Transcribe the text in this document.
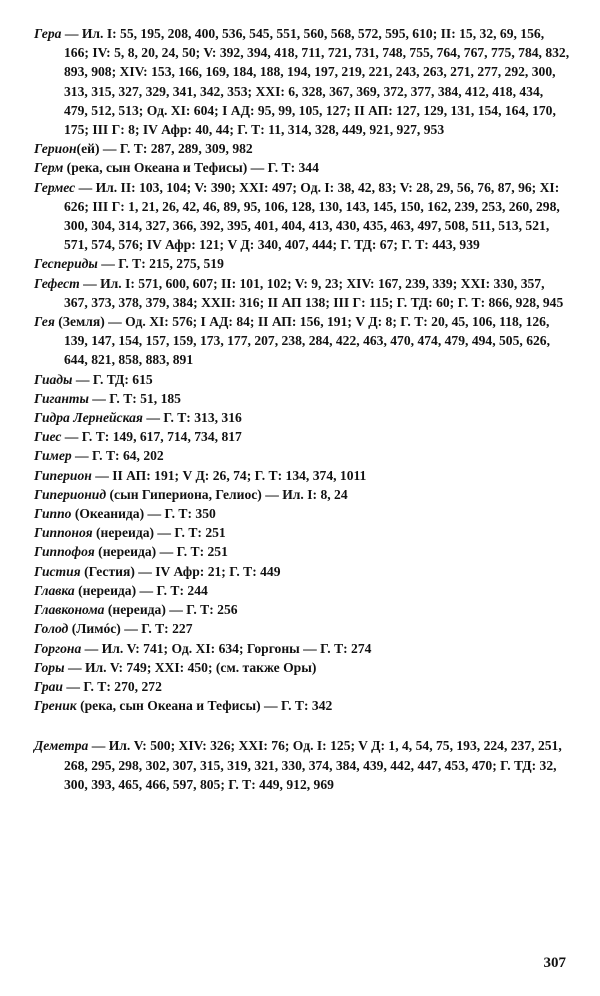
Гера — Ил. I: 55, 195, 208, 400, 536, 545, 551, 560, 568, 572, 595, 610; II: 15, 32, 69, 156, 166; IV: 5, 8, 20, 24, 50; V: 392, 394, 418, 711, 721, 731, 748, 755, 764, 767, 775, 784, 832, 893, 908; XIV: 153, 166, 169, 184, 188, 194, 197, 219, 221, 243, 263, 271, 277, 292, 300, 313, 315, 327, 329, 341, 342, 353; XXI: 6, 328, 367, 369, 372, 377, 384, 412, 418, 434, 479, 512, 513; Од. XI: 604; I АД: 95, 99, 105, 127; II АП: 127, 129, 131, 154, 164, 170, 175; III Г: 8; IV Афр: 40, 44; Г. Т: 11, 314, 328, 449, 921, 927, 953

Герион(ей) — Г. Т: 287, 289, 309, 982

Герм (река, сын Океана и Тефисы) — Г. Т: 344

Гермес — Ил. II: 103, 104; V: 390; XXI: 497; Од. I: 38, 42, 83; V: 28, 29, 56, 76, 87, 96; XI: 626; III Г: 1, 21, 26, 42, 46, 89, 95, 106, 128, 130, 143, 145, 150, 162, 239, 253, 260, 298, 300, 304, 314, 327, 366, 392, 395, 401, 404, 413, 430, 435, 463, 497, 508, 511, 513, 521, 571, 574, 576; IV Афр: 121; V Д: 340, 407, 444; Г. ТД: 67; Г. Т: 443, 939

Геспериды — Г. Т: 215, 275, 519

Гефест — Ил. I: 571, 600, 607; II: 101, 102; V: 9, 23; XIV: 167, 239, 339; XXI: 330, 357, 367, 373, 378, 379, 384; XXII: 316; II АП 138; III Г: 115; Г. ТД: 60; Г. Т: 866, 928, 945

Гея (Земля) — Од. XI: 576; I АД: 84; II АП: 156, 191; V Д: 8; Г. Т: 20, 45, 106, 118, 126, 139, 147, 154, 157, 159, 173, 177, 207, 238, 284, 422, 463, 470, 474, 479, 494, 505, 626, 644, 821, 858, 883, 891

Гиады — Г. ТД: 615

Гиганты — Г. Т: 51, 185

Гидра Лернейская — Г. Т: 313, 316

Гиес — Г. Т: 149, 617, 714, 734, 817

Гимер — Г. Т: 64, 202

Гиперион — II АП: 191; V Д: 26, 74; Г. Т: 134, 374, 1011

Гиперионид (сын Гипериона, Гелиос) — Ил. I: 8, 24

Гиппо (Океанида) — Г. Т: 350

Гиппоноя (нереида) — Г. Т: 251

Гиппофоя (нереида) — Г. Т: 251

Гистия (Гестия) — IV Афр: 21; Г. Т: 449

Главка (нереида) — Г. Т: 244

Главконома (нереида) — Г. Т: 256

Голод (Лимóс) — Г. Т: 227

Горгона — Ил. V: 741; Од. XI: 634; Горгоны — Г. Т: 274

Горы — Ил. V: 749; XXI: 450; (см. также Оры)

Граи — Г. Т: 270, 272

Греник (река, сын Океана и Тефисы) — Г. Т: 342

Деметра — Ил. V: 500; XIV: 326; XXI: 76; Од. I: 125; V Д: 1, 4, 54, 75, 193, 224, 237, 251, 268, 295, 298, 302, 307, 315, 319, 321, 330, 374, 384, 439, 442, 447, 453, 470; Г. ТД: 32, 300, 393, 465, 466, 597, 805; Г. Т: 449, 912, 969

307
